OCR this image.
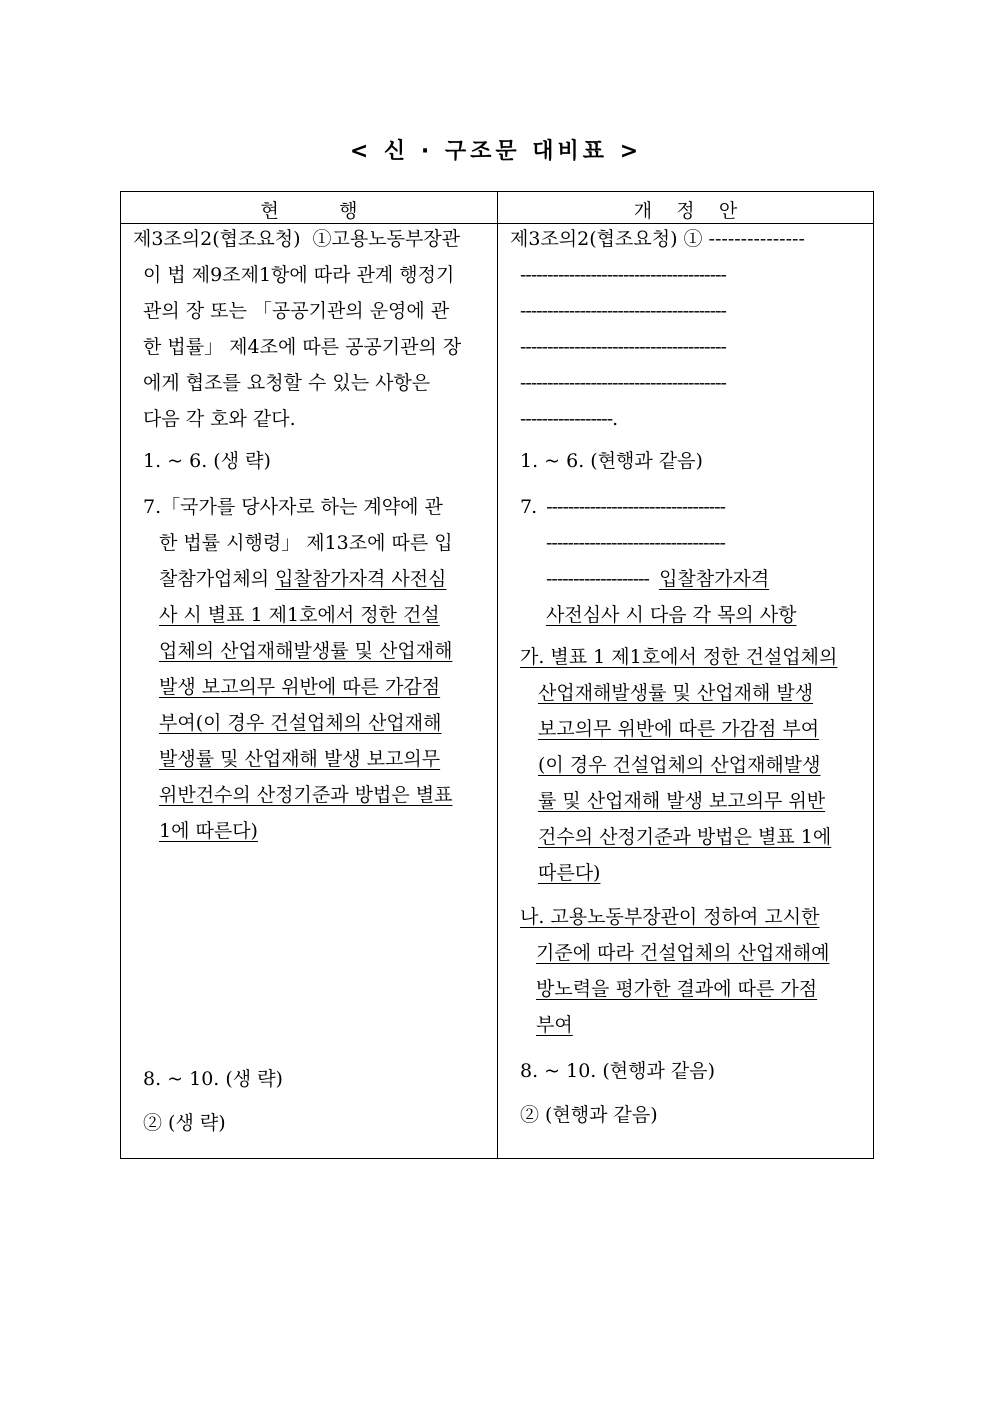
< 신 · 구조문 대비표 >
현          행	개    정    안
제3조의2(협조요청)  ①고용노동부장관
이 법 제9조제1항에 따라 관계 행정기
관의 장 또는 「공공기관의 운영에 관
한 법률」 제4조에 따른 공공기관의 장
에게 협조를 요청할 수 있는 사항은
다음 각 호와 같다.
1. ~ 6. (생 략)
7.「국가를 당사자로 하는 계약에 관
한 법률 시행령」 제13조에 따른 입
찰참가업체의 입찰참가자격 사전심
사 시 별표 1 제1호에서 정한 건설
업체의 산업재해발생률 및 산업재해
발생 보고의무 위반에 따른 가감점
부여(이 경우 건설업체의 산업재해
발생률 및 산업재해 발생 보고의무
위반건수의 산정기준과 방법은 별표
1에 따른다)
8. ~ 10. (생 략)
② (생 략)
제3조의2(협조요청) ① ---------------
--------------------------------------
--------------------------------------
--------------------------------------
--------------------------------------
-----------------.
1. ~ 6. (현행과 같음)
7.  ---------------------------------
---------------------------------
-------------------  입찰참가자격
사전심사 시 다음 각 목의 사항
가. 별표 1 제1호에서 정한 건설업체의
산업재해발생률 및 산업재해 발생
보고의무 위반에 따른 가감점 부여
(이 경우 건설업체의 산업재해발생
률 및 산업재해 발생 보고의무 위반
건수의 산정기준과 방법은 별표 1에
따른다)
나. 고용노동부장관이 정하여 고시한
기준에 따라 건설업체의 산업재해예
방노력을 평가한 결과에 따른 가점
부여
8. ~ 10. (현행과 같음)
② (현행과 같음)
